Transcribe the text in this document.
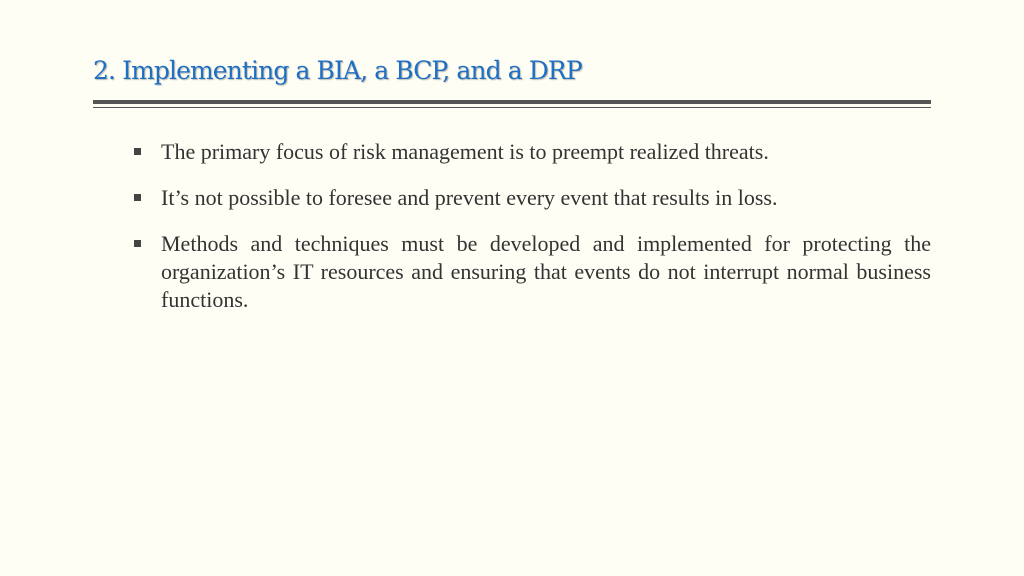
2. Implementing a BIA, a BCP, and a DRP
The primary focus of risk management is to preempt realized threats.
It’s not possible to foresee and prevent every event that results in loss.
Methods and techniques must be developed and implemented for protecting the organization’s IT resources and ensuring that events do not interrupt normal business functions.
